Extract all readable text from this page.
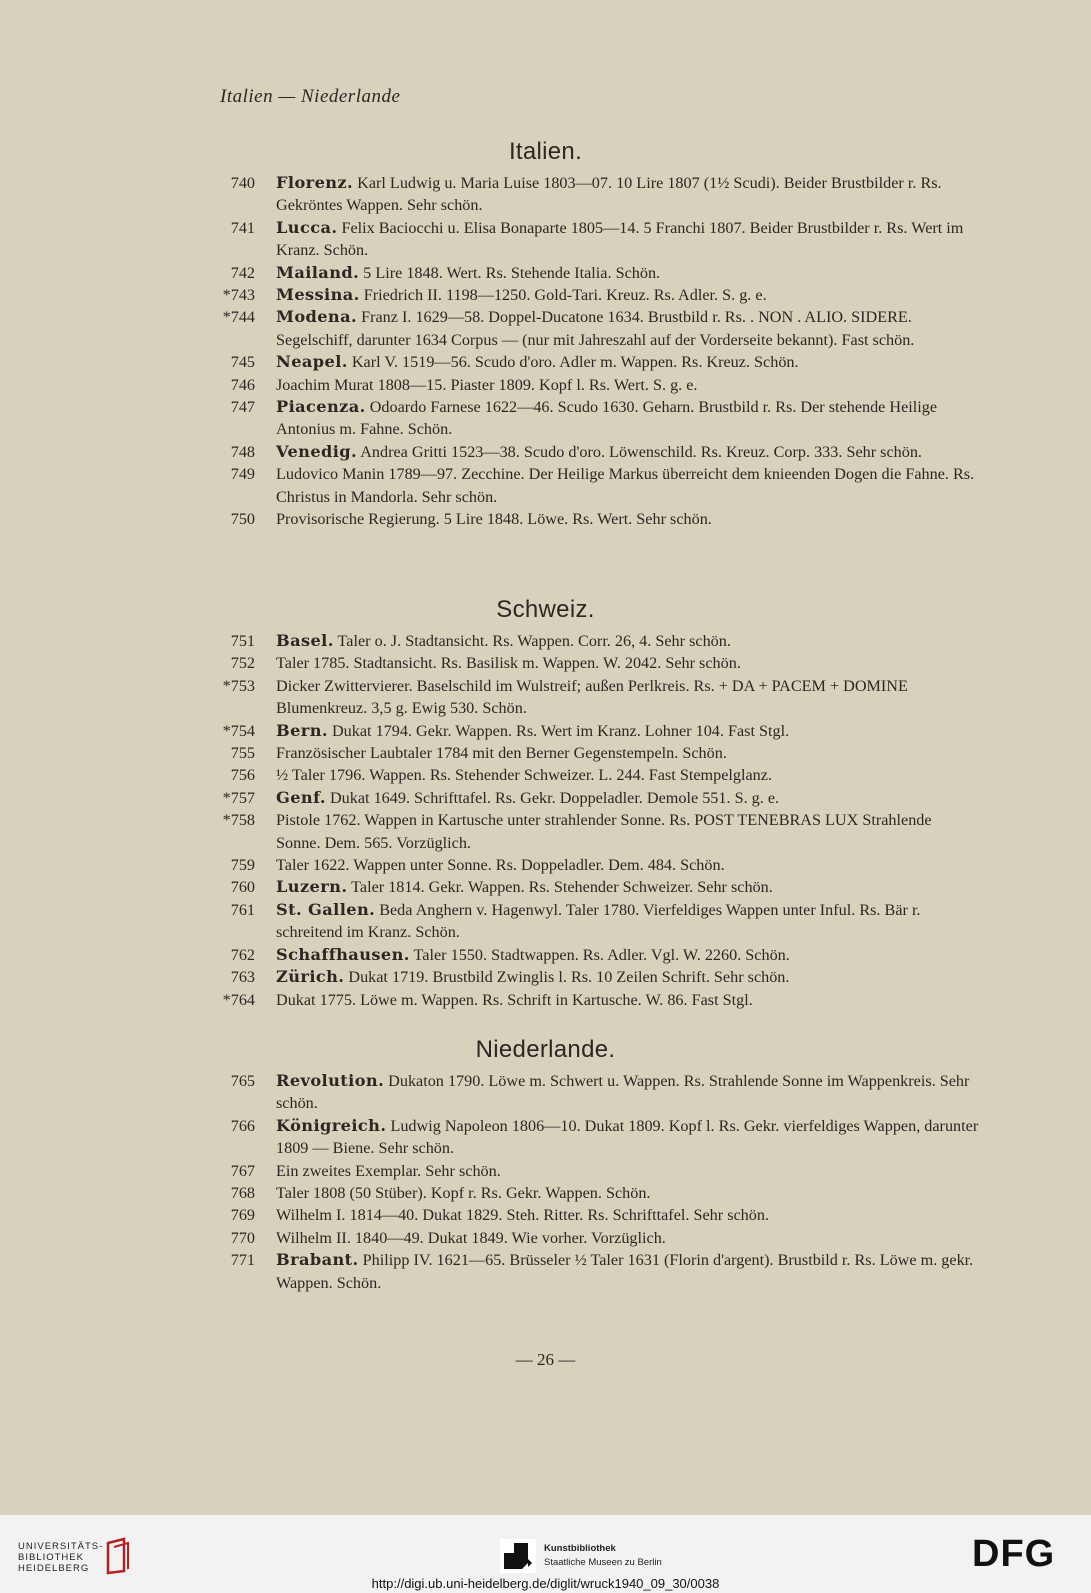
Italien — Niederlande
Italien.
740 Florenz. Karl Ludwig u. Maria Luise 1803—07. 10 Lire 1807 (1½ Scudi). Beider Brustbilder r. Rs. Gekröntes Wappen. Sehr schön.
741 Lucca. Felix Baciocchi u. Elisa Bonaparte 1805—14. 5 Franchi 1807. Beider Brustbilder r. Rs. Wert im Kranz. Schön.
742 Mailand. 5 Lire 1848. Wert. Rs. Stehende Italia. Schön.
*743 Messina. Friedrich II. 1198—1250. Gold-Tari. Kreuz. Rs. Adler. S. g. e.
*744 Modena. Franz I. 1629—58. Doppel-Ducatone 1634. Brustbild r. Rs. . NON . ALIO. SIDERE. Segelschiff, darunter 1634 Corpus — (nur mit Jahreszahl auf der Vorderseite bekannt). Fast schön.
745 Neapel. Karl V. 1519—56. Scudo d'oro. Adler m. Wappen. Rs. Kreuz. Schön.
746 Joachim Murat 1808—15. Piaster 1809. Kopf l. Rs. Wert. S. g. e.
747 Piacenza. Odoardo Farnese 1622—46. Scudo 1630. Geharn. Brustbild r. Rs. Der stehende Heilige Antonius m. Fahne. Schön.
748 Venedig. Andrea Gritti 1523—38. Scudo d'oro. Löwenschild. Rs. Kreuz. Corp. 333. Sehr schön.
749 Ludovico Manin 1789—97. Zecchine. Der Heilige Markus überreicht dem knieenden Dogen die Fahne. Rs. Christus in Mandorla. Sehr schön.
750 Provisorische Regierung. 5 Lire 1848. Löwe. Rs. Wert. Sehr schön.
Schweiz.
751 Basel. Taler o. J. Stadtansicht. Rs. Wappen. Corr. 26, 4. Sehr schön.
752 Taler 1785. Stadtansicht. Rs. Basilisk m. Wappen. W. 2042. Sehr schön.
*753 Dicker Zwittervierer. Baselschild im Wulstreif; außen Perlkreis. Rs. + DA + PACEM + DOMINE Blumenkreuz. 3,5 g. Ewig 530. Schön.
*754 Bern. Dukat 1794. Gekr. Wappen. Rs. Wert im Kranz. Lohner 104. Fast Stgl.
755 Französischer Laubtaler 1784 mit den Berner Gegenstempeln. Schön.
756 ½ Taler 1796. Wappen. Rs. Stehender Schweizer. L. 244. Fast Stempelglanz.
*757 Genf. Dukat 1649. Schrifttafel. Rs. Gekr. Doppeladler. Demole 551. S. g. e.
*758 Pistole 1762. Wappen in Kartusche unter strahlender Sonne. Rs. POST TENEBRAS LUX Strahlende Sonne. Dem. 565. Vorzüglich.
759 Taler 1622. Wappen unter Sonne. Rs. Doppeladler. Dem. 484. Schön.
760 Luzern. Taler 1814. Gekr. Wappen. Rs. Stehender Schweizer. Sehr schön.
761 St. Gallen. Beda Anghern v. Hagenwyl. Taler 1780. Vierfeldiges Wappen unter Inful. Rs. Bär r. schreitend im Kranz. Schön.
762 Schaffhausen. Taler 1550. Stadtwappen. Rs. Adler. Vgl. W. 2260. Schön.
763 Zürich. Dukat 1719. Brustbild Zwinglis l. Rs. 10 Zeilen Schrift. Sehr schön.
*764 Dukat 1775. Löwe m. Wappen. Rs. Schrift in Kartusche. W. 86. Fast Stgl.
Niederlande.
765 Revolution. Dukaton 1790. Löwe m. Schwert u. Wappen. Rs. Strahlende Sonne im Wappenkreis. Sehr schön.
766 Königreich. Ludwig Napoleon 1806—10. Dukat 1809. Kopf l. Rs. Gekr. vierfeldiges Wappen, darunter 1809 — Biene. Sehr schön.
767 Ein zweites Exemplar. Sehr schön.
768 Taler 1808 (50 Stüber). Kopf r. Rs. Gekr. Wappen. Schön.
769 Wilhelm I. 1814—40. Dukat 1829. Steh. Ritter. Rs. Schrifttafel. Sehr schön.
770 Wilhelm II. 1840—49. Dukat 1849. Wie vorher. Vorzüglich.
771 Brabant. Philipp IV. 1621—65. Brüsseler ½ Taler 1631 (Florin d'argent). Brustbild r. Rs. Löwe m. gekr. Wappen. Schön.
— 26 —
UNIVERSITÄTS-
BIBLIOTHEK
HEIDELBERG
Kunstbibliothek
Staatliche Museen zu Berlin	DFG
http://digi.ub.uni-heidelberg.de/diglit/wruck1940_09_30/0038
